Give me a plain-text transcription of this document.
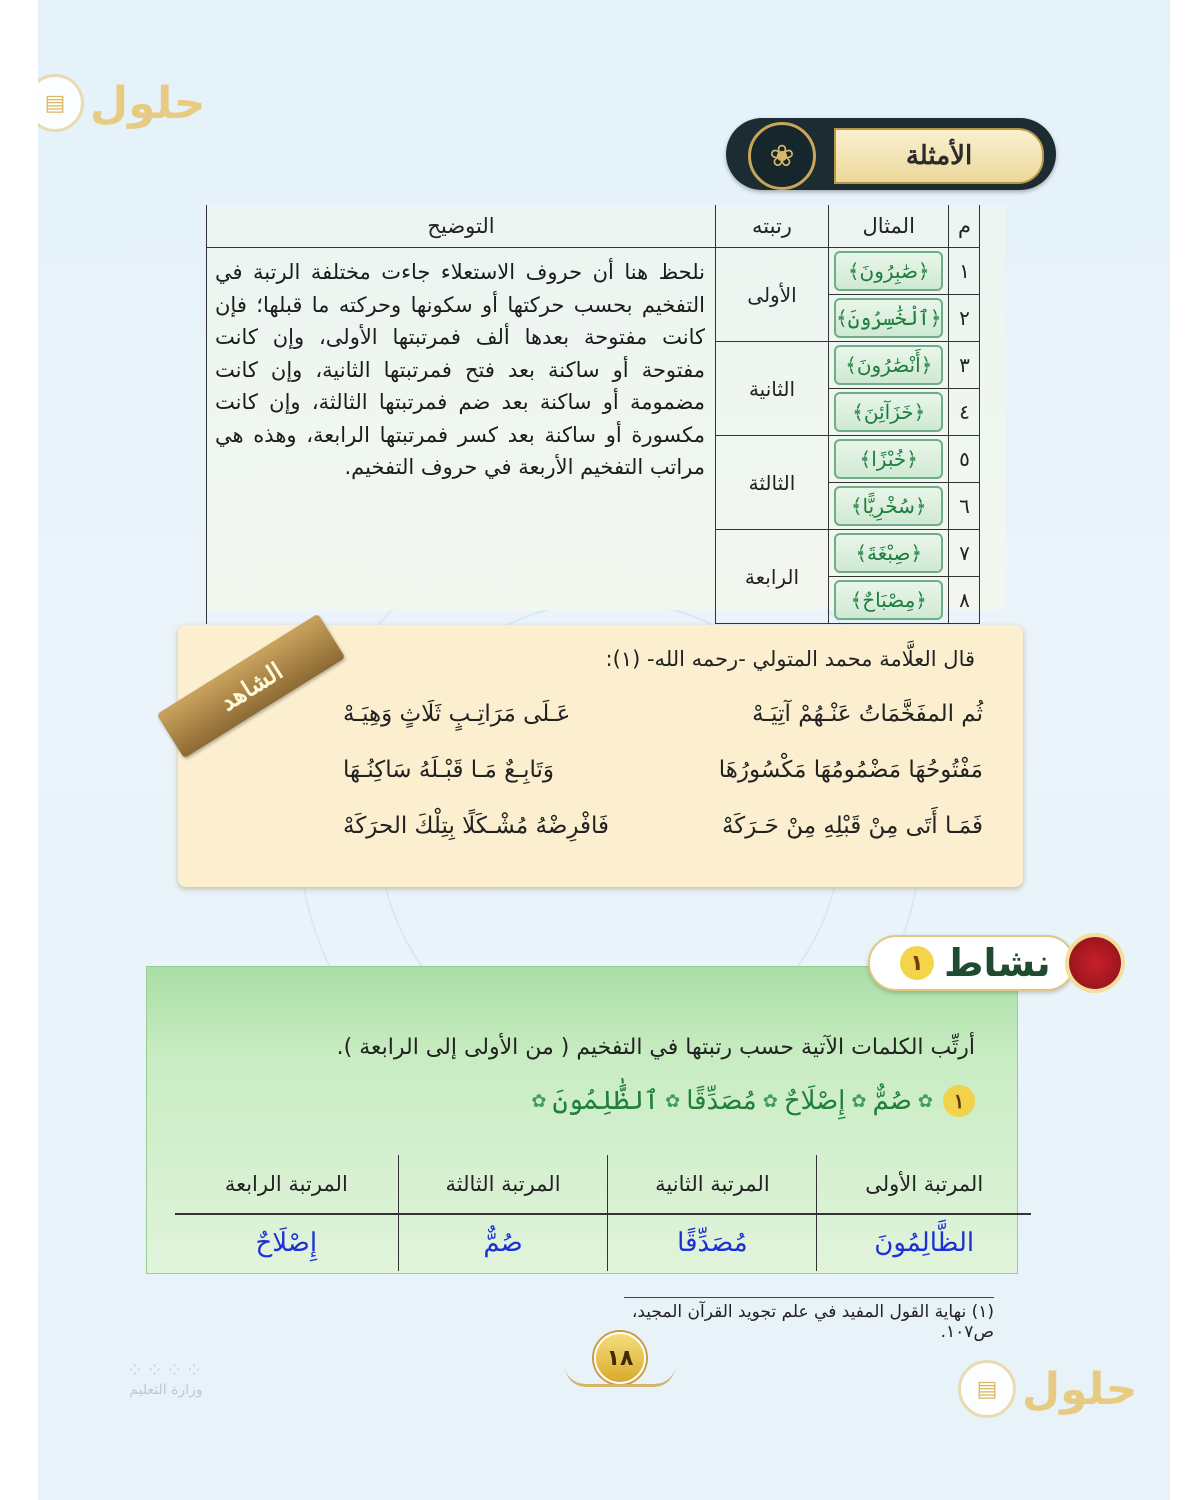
▤ حلول
▤ حلول
❀	الأمثلة
م	المثال	رتبته	التوضيح
١	﴿صَٰبِرُونَ﴾	الأولى	نلحظ هنا أن حروف الاستعلاء جاءت مختلفة الرتبة في التفخيم بحسب حركتها أو سكونها وحركته ما قبلها؛ فإن كانت مفتوحة بعدها ألف فمرتبتها الأولى، وإن كانت مفتوحة أو ساكنة بعد فتح فمرتبتها الثانية، وإن كانت مضمومة أو ساكنة بعد ضم فمرتبتها الثالثة، وإن كانت مكسورة أو ساكنة بعد كسر فمرتبتها الرابعة، وهذه هي مراتب التفخيم الأربعة في حروف التفخيم.
٢	﴿ٱلْخَٰسِرُونَ﴾		

٣	﴿أَنْصَٰرُونَ﴾	الثانية	
٤	﴿خَزَآئِنَ﴾		

٥	﴿خُبْزًا﴾	الثالثة	
٦	﴿سُخْرِيًّا﴾		

٧	﴿صِبْغَةَ﴾	الرابعة	
٨	﴿مِصْبَاحٌ﴾		
قال العلَّامة محمد المتولي -رحمه الله- (١):
ثُم المفَخَّمَاتُ عَنْـهُمْ آتِيَـهْ
عَـلَى مَرَاتِـبٍ ثَلَاثٍ وَهِيَـهْ
مَفْتُوحُهَا مَضْمُومُهَا مَكْسُورُهَا
وَتَابِـعٌ مَـا قَبْـلَهُ سَاكِنُـهَا
فَمَـا أَتَى مِنْ قَبْلِهِ مِنْ حَـرَكَهْ
فَافْرِضْهُ مُشْـكَلًا بِتِلْكَ الحرَكَهْ
الشاهد
أرتِّب الكلمات الآتية حسب رتبتها في التفخيم ( من الأولى إلى الرابعة ).
١
✿
صُمٌّ
✿
إِصْلَاحٌ
✿
مُصَدِّقًا
✿
ٱلظَّٰلِمُونَ
✿
المرتبة الأولى	المرتبة الثانية	المرتبة الثالثة	المرتبة الرابعة
الظَّالِمُونَ	مُصَدِّقًا	صُمٌّ	إِصْلَاحٌ
١ نشاط
(١) نهاية القول المفيد في علم تجويد القرآن المجيد، ص١٠٧.
١٨
⁘⁘⁘⁘
وزارة التعليم
